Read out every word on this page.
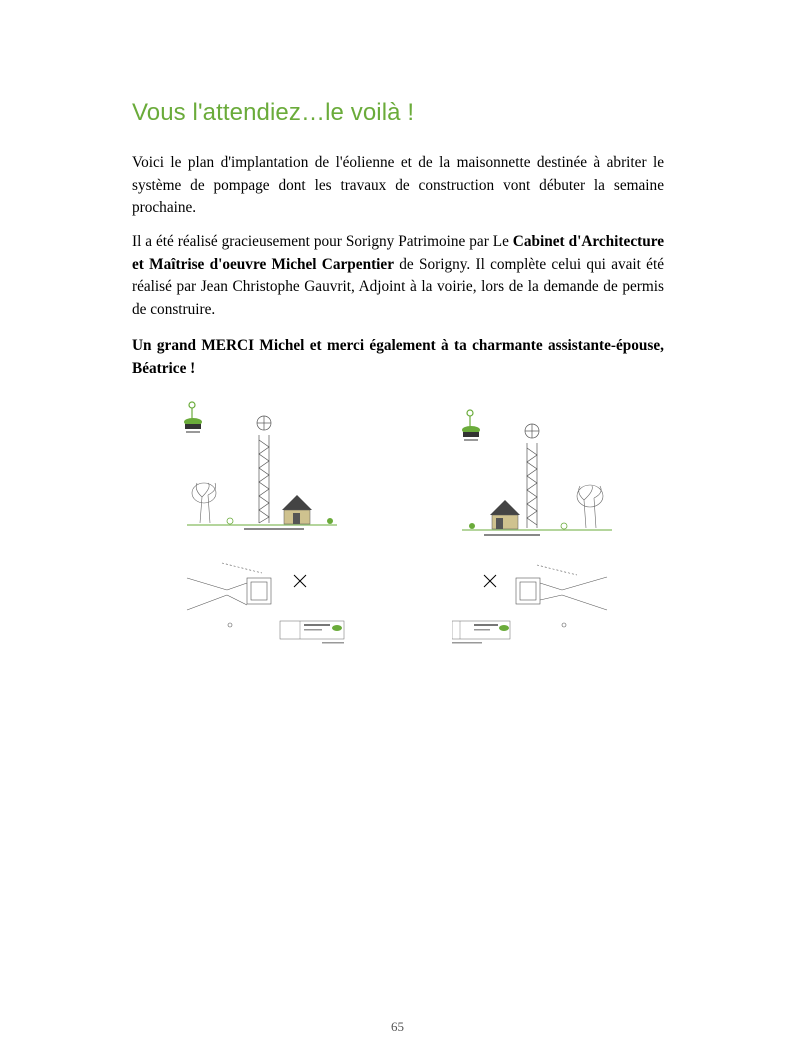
Vous l'attendiez…le voilà !

Voici le plan d'implantation de l'éolienne et de la maisonnette destinée à abriter le système de pompage dont les travaux de construction vont débuter la semaine prochaine.

Il a été réalisé gracieusement pour Sorigny Patrimoine par Le Cabinet d'Architecture et Maîtrise d'oeuvre Michel Carpentier de Sorigny. Il complète celui qui avait été réalisé par Jean Christophe Gauvrit, Adjoint à la voirie, lors de la demande de permis de construire.

Un grand MERCI Michel et merci également à ta charmante assistante-épouse, Béatrice !

65
